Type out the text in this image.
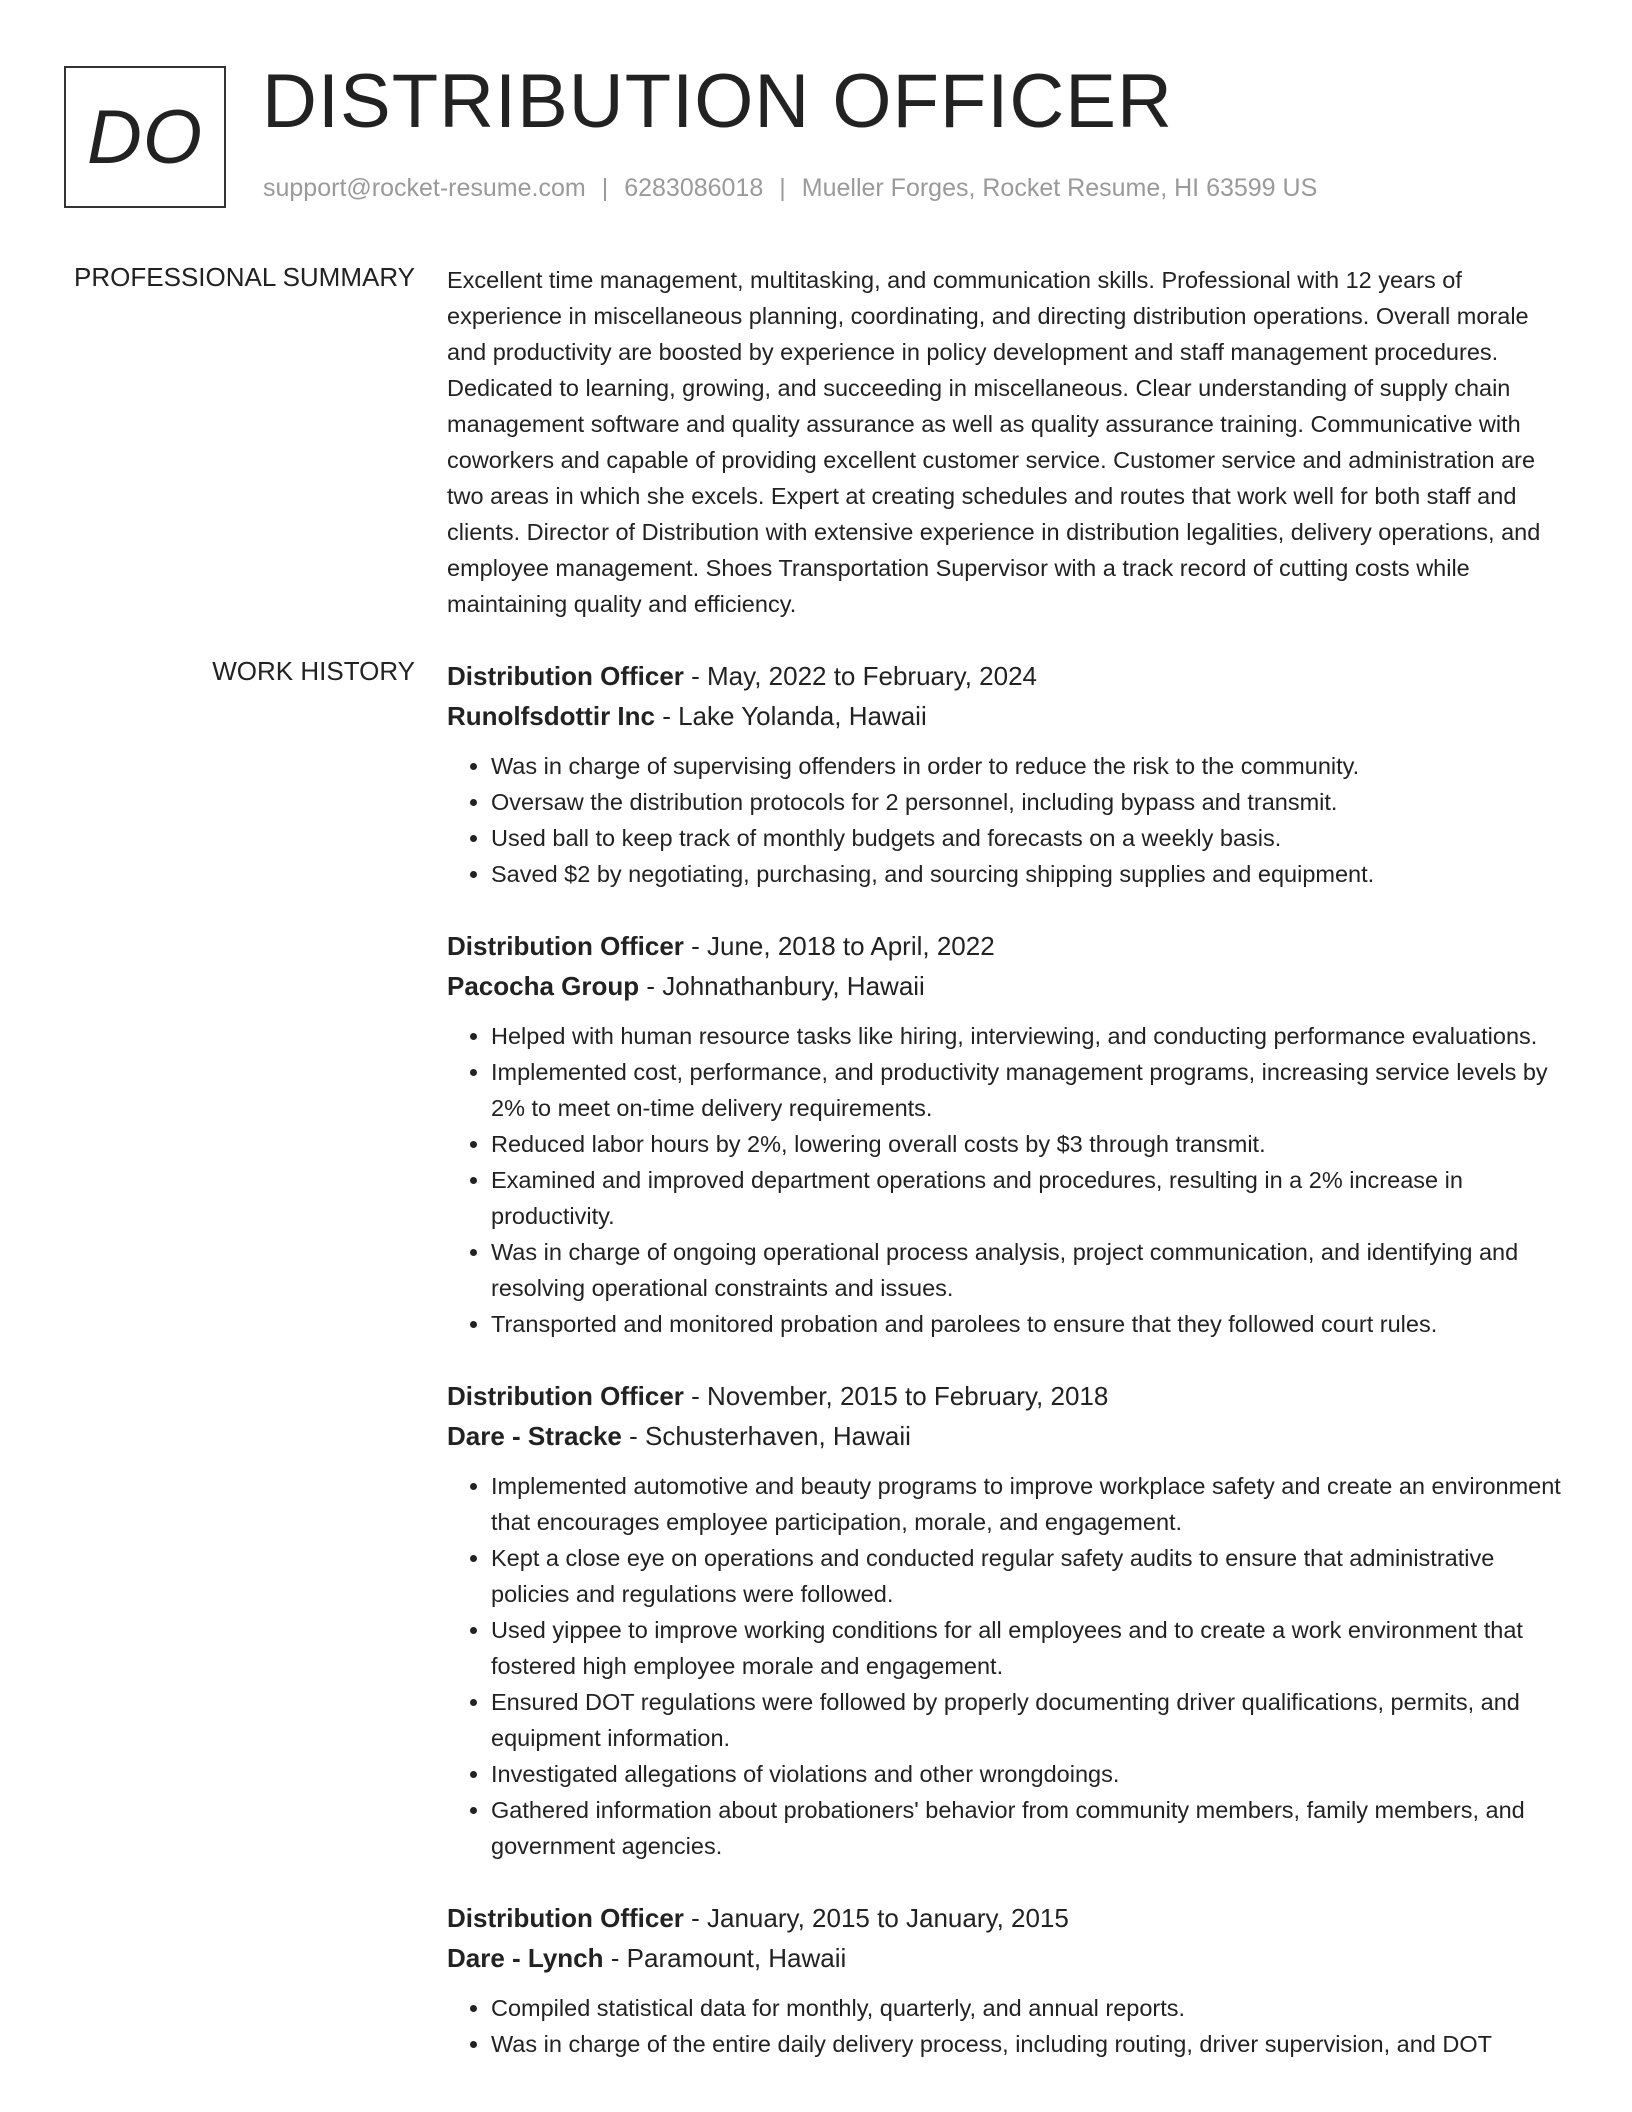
DO DISTRIBUTION OFFICER
support@rocket-resume.com | 6283086018 | Mueller Forges, Rocket Resume, HI 63599 US
PROFESSIONAL SUMMARY Excellent time management, multitasking, and communication skills. Professional with 12 years of experience in miscellaneous planning, coordinating, and directing distribution operations. Overall morale and productivity are boosted by experience in policy development and staff management procedures. Dedicated to learning, growing, and succeeding in miscellaneous. Clear understanding of supply chain management software and quality assurance as well as quality assurance training. Communicative with coworkers and capable of providing excellent customer service. Customer service and administration are two areas in which she excels. Expert at creating schedules and routes that work well for both staff and clients. Director of Distribution with extensive experience in distribution legalities, delivery operations, and employee management. Shoes Transportation Supervisor with a track record of cutting costs while maintaining quality and efficiency.

WORK HISTORY Distribution Officer - May, 2022 to February, 2024
Runolfsdottir Inc - Lake Yolanda, Hawaii
• Was in charge of supervising offenders in order to reduce the risk to the community.
• Oversaw the distribution protocols for 2 personnel, including bypass and transmit.
• Used ball to keep track of monthly budgets and forecasts on a weekly basis.
• Saved $2 by negotiating, purchasing, and sourcing shipping supplies and equipment.
Distribution Officer - June, 2018 to April, 2022
Pacocha Group - Johnathanbury, Hawaii
• Helped with human resource tasks like hiring, interviewing, and conducting performance evaluations.
• Implemented cost, performance, and productivity management programs, increasing service levels by 2% to meet on-time delivery requirements.
• Reduced labor hours by 2%, lowering overall costs by $3 through transmit.
• Examined and improved department operations and procedures, resulting in a 2% increase in productivity.
• Was in charge of ongoing operational process analysis, project communication, and identifying and resolving operational constraints and issues.
• Transported and monitored probation and parolees to ensure that they followed court rules.
Distribution Officer - November, 2015 to February, 2018
Dare - Stracke - Schusterhaven, Hawaii
• Implemented automotive and beauty programs to improve workplace safety and create an environment that encourages employee participation, morale, and engagement.
• Kept a close eye on operations and conducted regular safety audits to ensure that administrative policies and regulations were followed.
• Used yippee to improve working conditions for all employees and to create a work environment that fostered high employee morale and engagement.
• Ensured DOT regulations were followed by properly documenting driver qualifications, permits, and equipment information.
• Investigated allegations of violations and other wrongdoings.
• Gathered information about probationers' behavior from community members, family members, and government agencies.
Distribution Officer - January, 2015 to January, 2015
Dare - Lynch - Paramount, Hawaii
• Compiled statistical data for monthly, quarterly, and annual reports.
• Was in charge of the entire daily delivery process, including routing, driver supervision, and DOT
